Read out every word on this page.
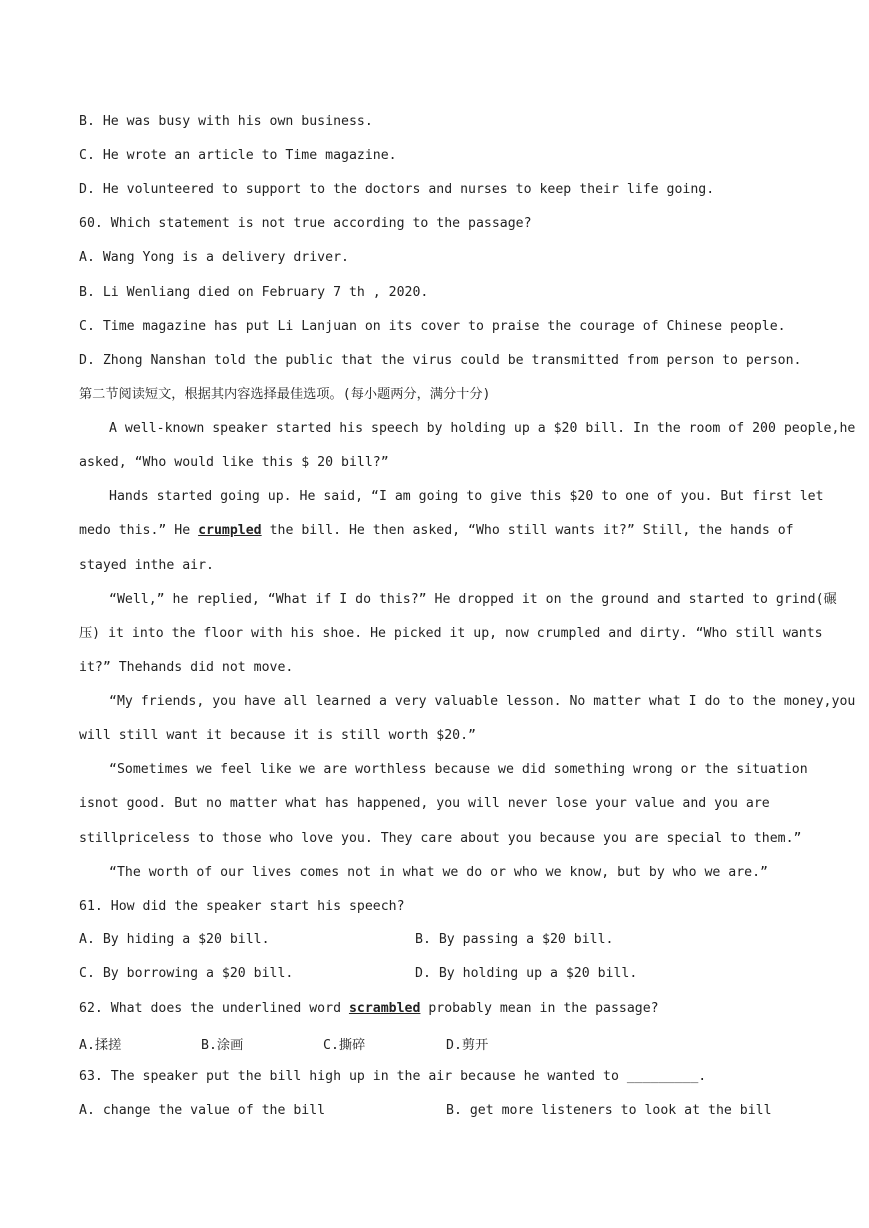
B. He was busy with his own business.
C. He wrote an article to Time magazine.
D. He volunteered to support to the doctors and nurses to keep their life going.
60. Which statement is not true according to the passage?
A. Wang Yong is a delivery driver.
B. Li Wenliang died on February 7 th , 2020.
C. Time magazine has put Li Lanjuan on its cover to praise the courage of Chinese people.
D. Zhong Nanshan told the public that the virus could be transmitted from person to person.
第二节阅读短文，根据其内容选择最佳选项。(每小题两分，满分十分)
A well-known speaker started his speech by holding up a $20 bill. In the room of 200 people,he
asked, “Who would like this $ 20 bill?”
Hands started going up. He said, “I am going to give this $20 to one of you. But first let
medo this.” He crumpled the bill. He then asked, “Who still wants it?” Still, the hands of
stayed inthe air.
“Well,” he replied, “What if I do this?” He dropped it on the ground and started to grind(碾
压) it into the floor with his shoe. He picked it up, now crumpled and dirty. “Who still wants
it?” Thehands did not move.
“My friends, you have all learned a very valuable lesson. No matter what I do to the money,you
will still want it because it is still worth $20.”
“Sometimes we feel like we are worthless because we did something wrong or the situation
isnot good. But no matter what has happened, you will never lose your value and you are
stillpriceless to those who love you. They care about you because you are special to them.”
“The worth of our lives comes not in what we do or who we know, but by who we are.”
61. How did the speaker start his speech?
A. By hiding a $20 bill.	B. By passing a $20 bill.
C. By borrowing a $20 bill.	D. By holding up a $20 bill.
62. What does the underlined word scrambled probably mean in the passage?
A.揉搓	B.涂画	C.撕碎	D.剪开
63. The speaker put the bill high up in the air because he wanted to _________.
A. change the value of the bill	B. get more listeners to look at the bill
